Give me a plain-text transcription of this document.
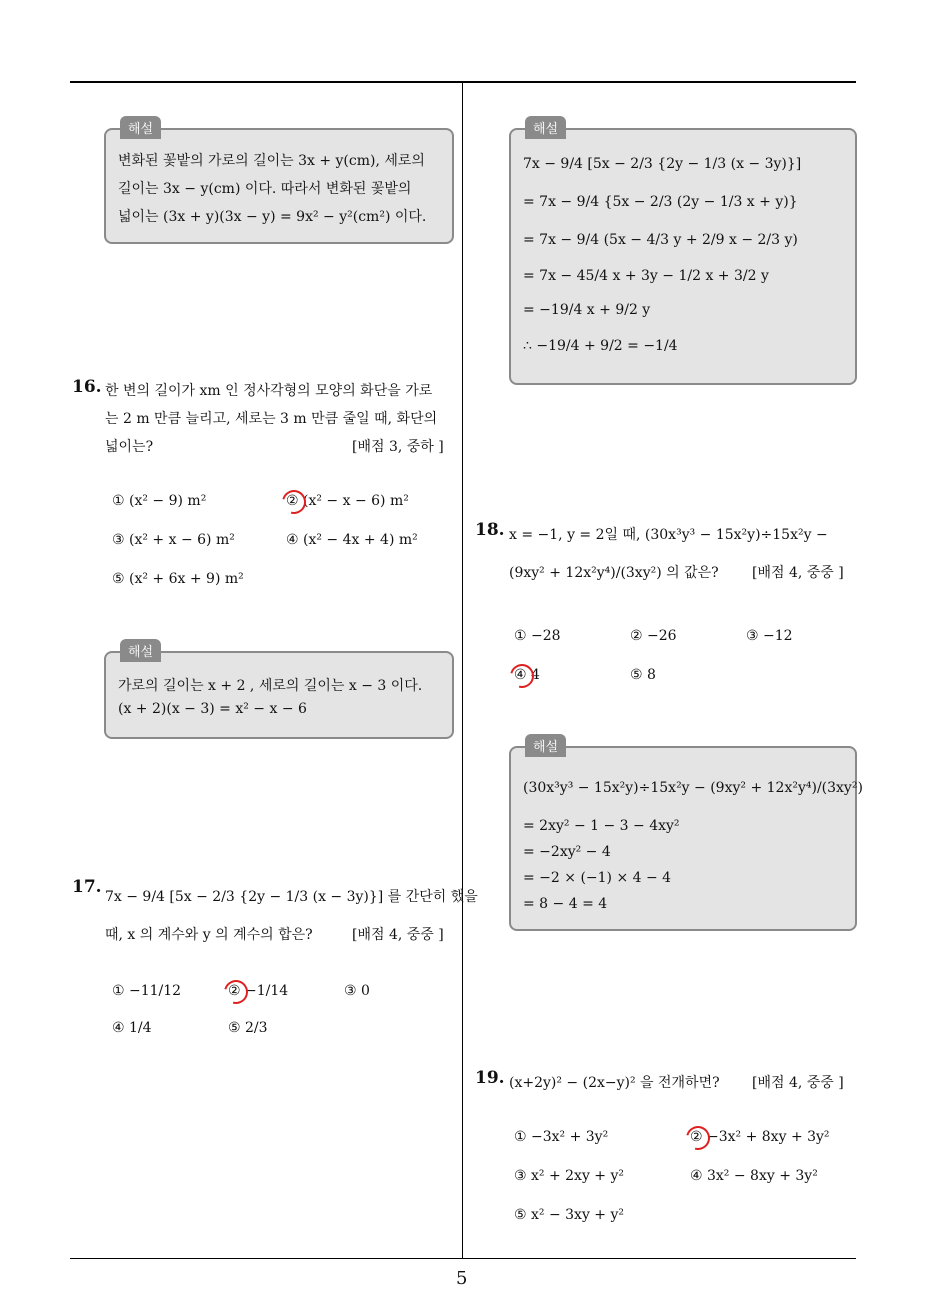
해설
변화된 꽃밭의 가로의 길이는 3x + y(cm), 세로의
길이는 3x − y(cm) 이다. 따라서 변화된 꽃밭의
넓이는 (3x + y)(3x − y) = 9x² − y²(cm²) 이다.
16. 한 변의 길이가 xm 인 정사각형의 모양의 화단을 가로
는 2 m 만큼 늘리고, 세로는 3 m 만큼 줄일 때, 화단의
넓이는?	[배점 3, 중하 ]
① (x² − 9) m²	② (x² − x − 6) m²
③ (x² + x − 6) m²	④ (x² − 4x + 4) m²
⑤ (x² + 6x + 9) m²
해설
가로의 길이는 x + 2 , 세로의 길이는 x − 3 이다.
(x + 2)(x − 3) = x² − x − 6
17. 7x − 9/4 [5x − 2/3 {2y − 1/3 (x − 3y)}] 를 간단히 했을
때, x 의 계수와 y 의 계수의 합은?	[배점 4, 중중 ]
① −11/12	② −1/14	③ 0
④ 1/4	⑤ 2/3
해설
7x − 9/4 [5x − 2/3 {2y − 1/3 (x − 3y)}]
= 7x − 9/4 {5x − 2/3 (2y − 1/3 x + y)}
= 7x − 9/4 (5x − 4/3 y + 2/9 x − 2/3 y)
= 7x − 45/4 x + 3y − 1/2 x + 3/2 y
= −19/4 x + 9/2 y
∴ −19/4 + 9/2 = −1/4
18. x = −1, y = 2일 때, (30x³y³ − 15x²y)÷15x²y −
(9xy² + 12x²y⁴)/(3xy²) 의 값은? [배점 4, 중중 ]
① −28	② −26	③ −12
④ 4	⑤ 8
해설
(30x³y³ − 15x²y)÷15x²y − (9xy² + 12x²y⁴)/(3xy²)
= 2xy² − 1 − 3 − 4xy²
= −2xy² − 4
= −2 × (−1) × 4 − 4
= 8 − 4 = 4
19. (x+2y)² − (2x−y)² 을 전개하면? [배점 4, 중중 ]
① −3x² + 3y²	② −3x² + 8xy + 3y²
③ x² + 2xy + y²	④ 3x² − 8xy + 3y²
⑤ x² − 3xy + y²
5
